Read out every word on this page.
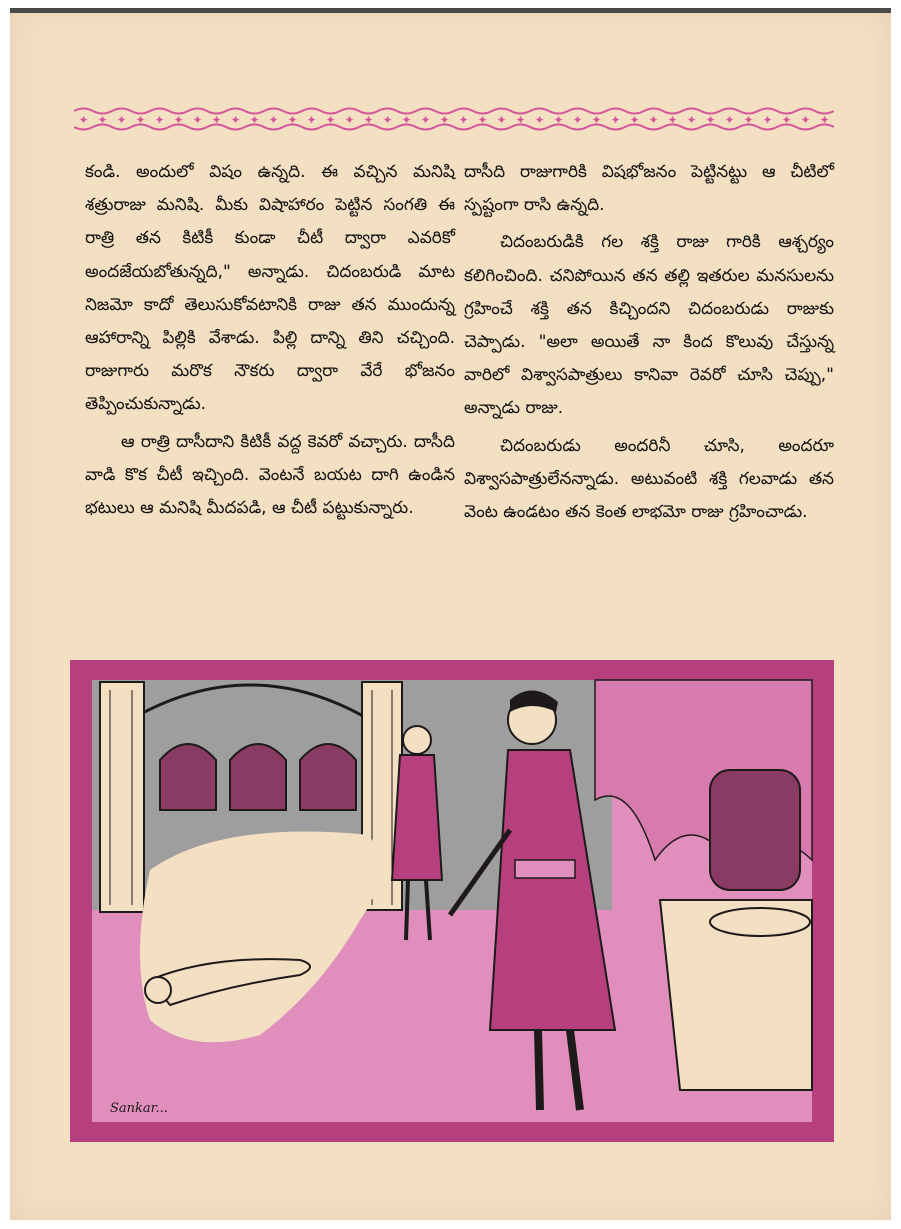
✦ ✦ ✦ ✦ ✦ ✦ ✦ ✦ ✦ ✦ ✦ ✦ ✦ ✦ ✦ ✦ ✦ ✦ ✦ ✦ ✦ ✦ ✦ ✦ ✦ ✦ ✦ ✦ ✦ ✦ ✦ ✦ ✦ ✦ ✦ ✦ ✦ ✦ ✦ ✦

కండి. అందులో విషం ఉన్నది. ఈ వచ్చిన మనిషి శత్రురాజు మనిషి. మీకు విషాహారం పెట్టిన సంగతి ఈ రాత్రి తన కిటికీ కుండా చీటీ ద్వారా ఎవరికో అందజేయబోతున్నది," అన్నాడు. చిదంబరుడి మాట నిజమో కాదో తెలుసుకోవటానికి రాజు తన ముందున్న ఆహారాన్ని పిల్లికి వేశాడు. పిల్లి దాన్ని తిని చచ్చింది. రాజుగారు మరొక నౌకరు ద్వారా వేరే భోజనం తెప్పించుకున్నాడు.

ఆ రాత్రి దాసీదాని కిటికీ వద్ద కెవరో వచ్చారు. దాసీది వాడి కొక చీటీ ఇచ్చింది. వెంటనే బయట దాగి ఉండిన భటులు ఆ మనిషి మీదపడి, ఆ చీటీ పట్టుకున్నారు.

దాసీది రాజుగారికి విషభోజనం పెట్టినట్టు ఆ చీటిలో స్పష్టంగా రాసి ఉన్నది.

చిదంబరుడికి గల శక్తి రాజు గారికి ఆశ్చర్యం కలిగించింది. చనిపోయిన తన తల్లి ఇతరుల మనసులను గ్రహించే శక్తి తన కిచ్చిందని చిదంబరుడు రాజుకు చెప్పాడు. "అలా అయితే నా కింద కొలువు చేస్తున్న వారిలో విశ్వాసపాత్రులు కానివా రెవరో చూసి చెప్పు," అన్నాడు రాజు.

చిదంబరుడు అందరినీ చూసి, అందరూ విశ్వాసపాత్రులేనన్నాడు. అటువంటి శక్తి గలవాడు తన వెంట ఉండటం తన కెంత లాభమో రాజు గ్రహించాడు.

Sankar...
